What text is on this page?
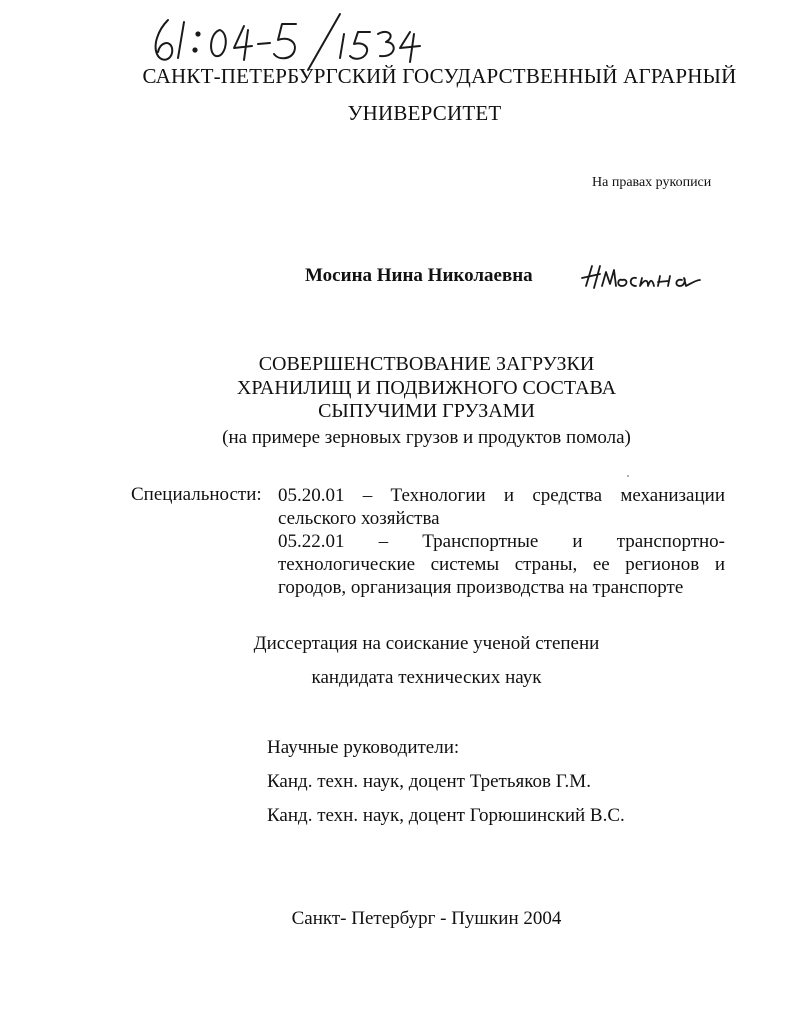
САНКТ-ПЕТЕРБУРГСКИЙ ГОСУДАРСТВЕННЫЙ АГРАРНЫЙ
УНИВЕРСИТЕТ
На правах рукописи
Мосина Нина Николаевна
СОВЕРШЕНСТВОВАНИЕ ЗАГРУЗКИ
ХРАНИЛИЩ И ПОДВИЖНОГО СОСТАВА
СЫПУЧИМИ ГРУЗАМИ
(на примере зерновых грузов и продуктов помола)
Специальности: 05.20.01 – Технологии и средства механизации
сельского хозяйства
05.22.01 – Транспортные и транспортно-
технологические системы страны, ее регионов и
городов, организация производства на транспорте
Диссертация на соискание ученой степени
кандидата технических наук
Научные руководители:
Канд. техн. наук, доцент Третьяков Г.М.
Канд. техн. наук, доцент Горюшинский В.С.
Санкт- Петербург - Пушкин 2004
